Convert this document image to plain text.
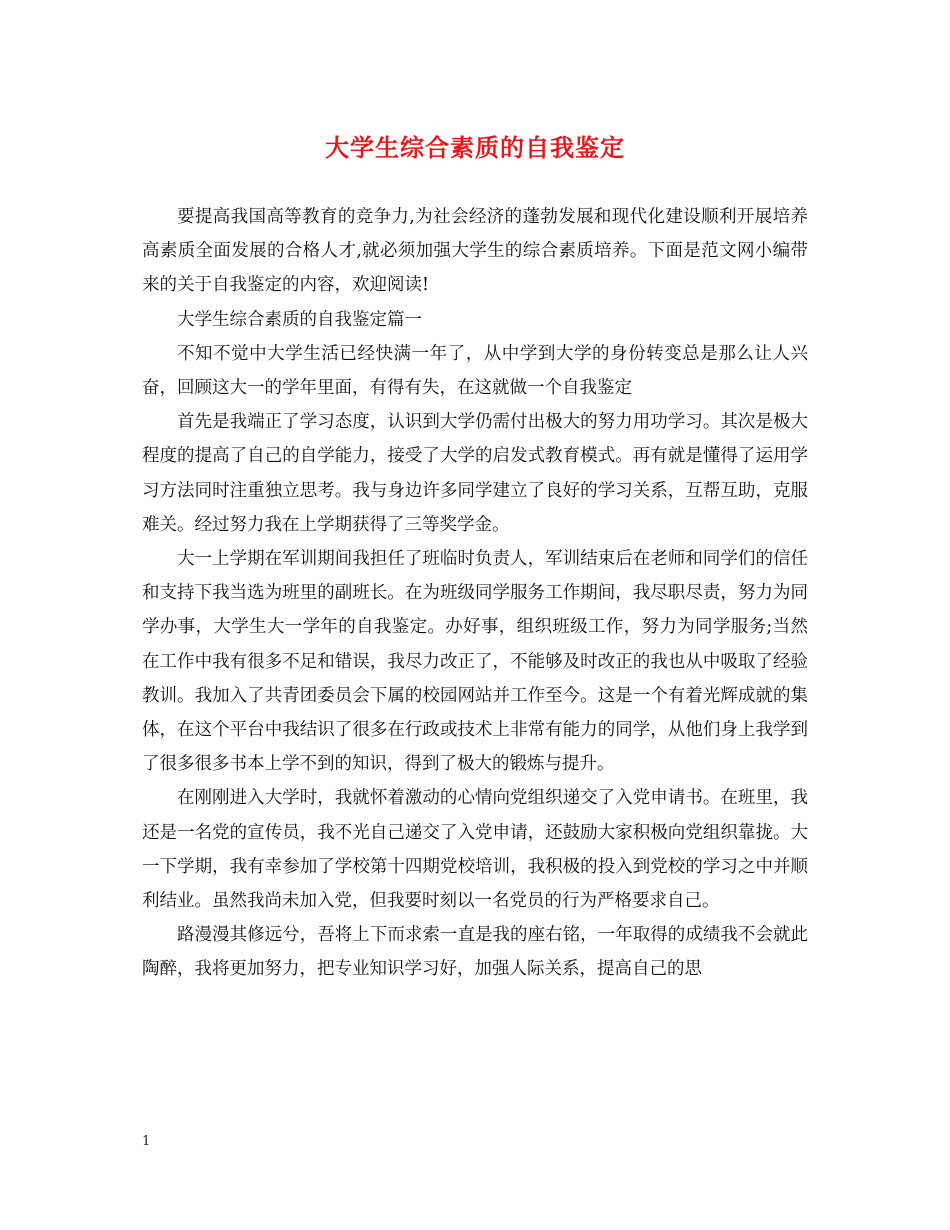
大学生综合素质的自我鉴定

要提高我国高等教育的竞争力,为社会经济的蓬勃发展和现代化建设顺利开展培养高素质全面发展的合格人才,就必须加强大学生的综合素质培养。下面是范文网小编带来的关于自我鉴定的内容，欢迎阅读!

大学生综合素质的自我鉴定篇一

不知不觉中大学生活已经快满一年了，从中学到大学的身份转变总是那么让人兴奋，回顾这大一的学年里面，有得有失，在这就做一个自我鉴定

首先是我端正了学习态度，认识到大学仍需付出极大的努力用功学习。其次是极大程度的提高了自己的自学能力，接受了大学的启发式教育模式。再有就是懂得了运用学习方法同时注重独立思考。我与身边许多同学建立了良好的学习关系，互帮互助，克服难关。经过努力我在上学期获得了三等奖学金。

大一上学期在军训期间我担任了班临时负责人，军训结束后在老师和同学们的信任和支持下我当选为班里的副班长。在为班级同学服务工作期间，我尽职尽责，努力为同学办事，大学生大一学年的自我鉴定。办好事，组织班级工作，努力为同学服务;当然在工作中我有很多不足和错误，我尽力改正了，不能够及时改正的我也从中吸取了经验教训。我加入了共青团委员会下属的校园网站并工作至今。这是一个有着光辉成就的集体，在这个平台中我结识了很多在行政或技术上非常有能力的同学，从他们身上我学到了很多很多书本上学不到的知识，得到了极大的锻炼与提升。

在刚刚进入大学时，我就怀着激动的心情向党组织递交了入党申请书。在班里，我还是一名党的宣传员，我不光自己递交了入党申请，还鼓励大家积极向党组织靠拢。大一下学期，我有幸参加了学校第十四期党校培训，我积极的投入到党校的学习之中并顺利结业。虽然我尚未加入党，但我要时刻以一名党员的行为严格要求自己。

路漫漫其修远兮，吾将上下而求索一直是我的座右铭，一年取得的成绩我不会就此陶醉，我将更加努力，把专业知识学习好，加强人际关系，提高自己的思

1
